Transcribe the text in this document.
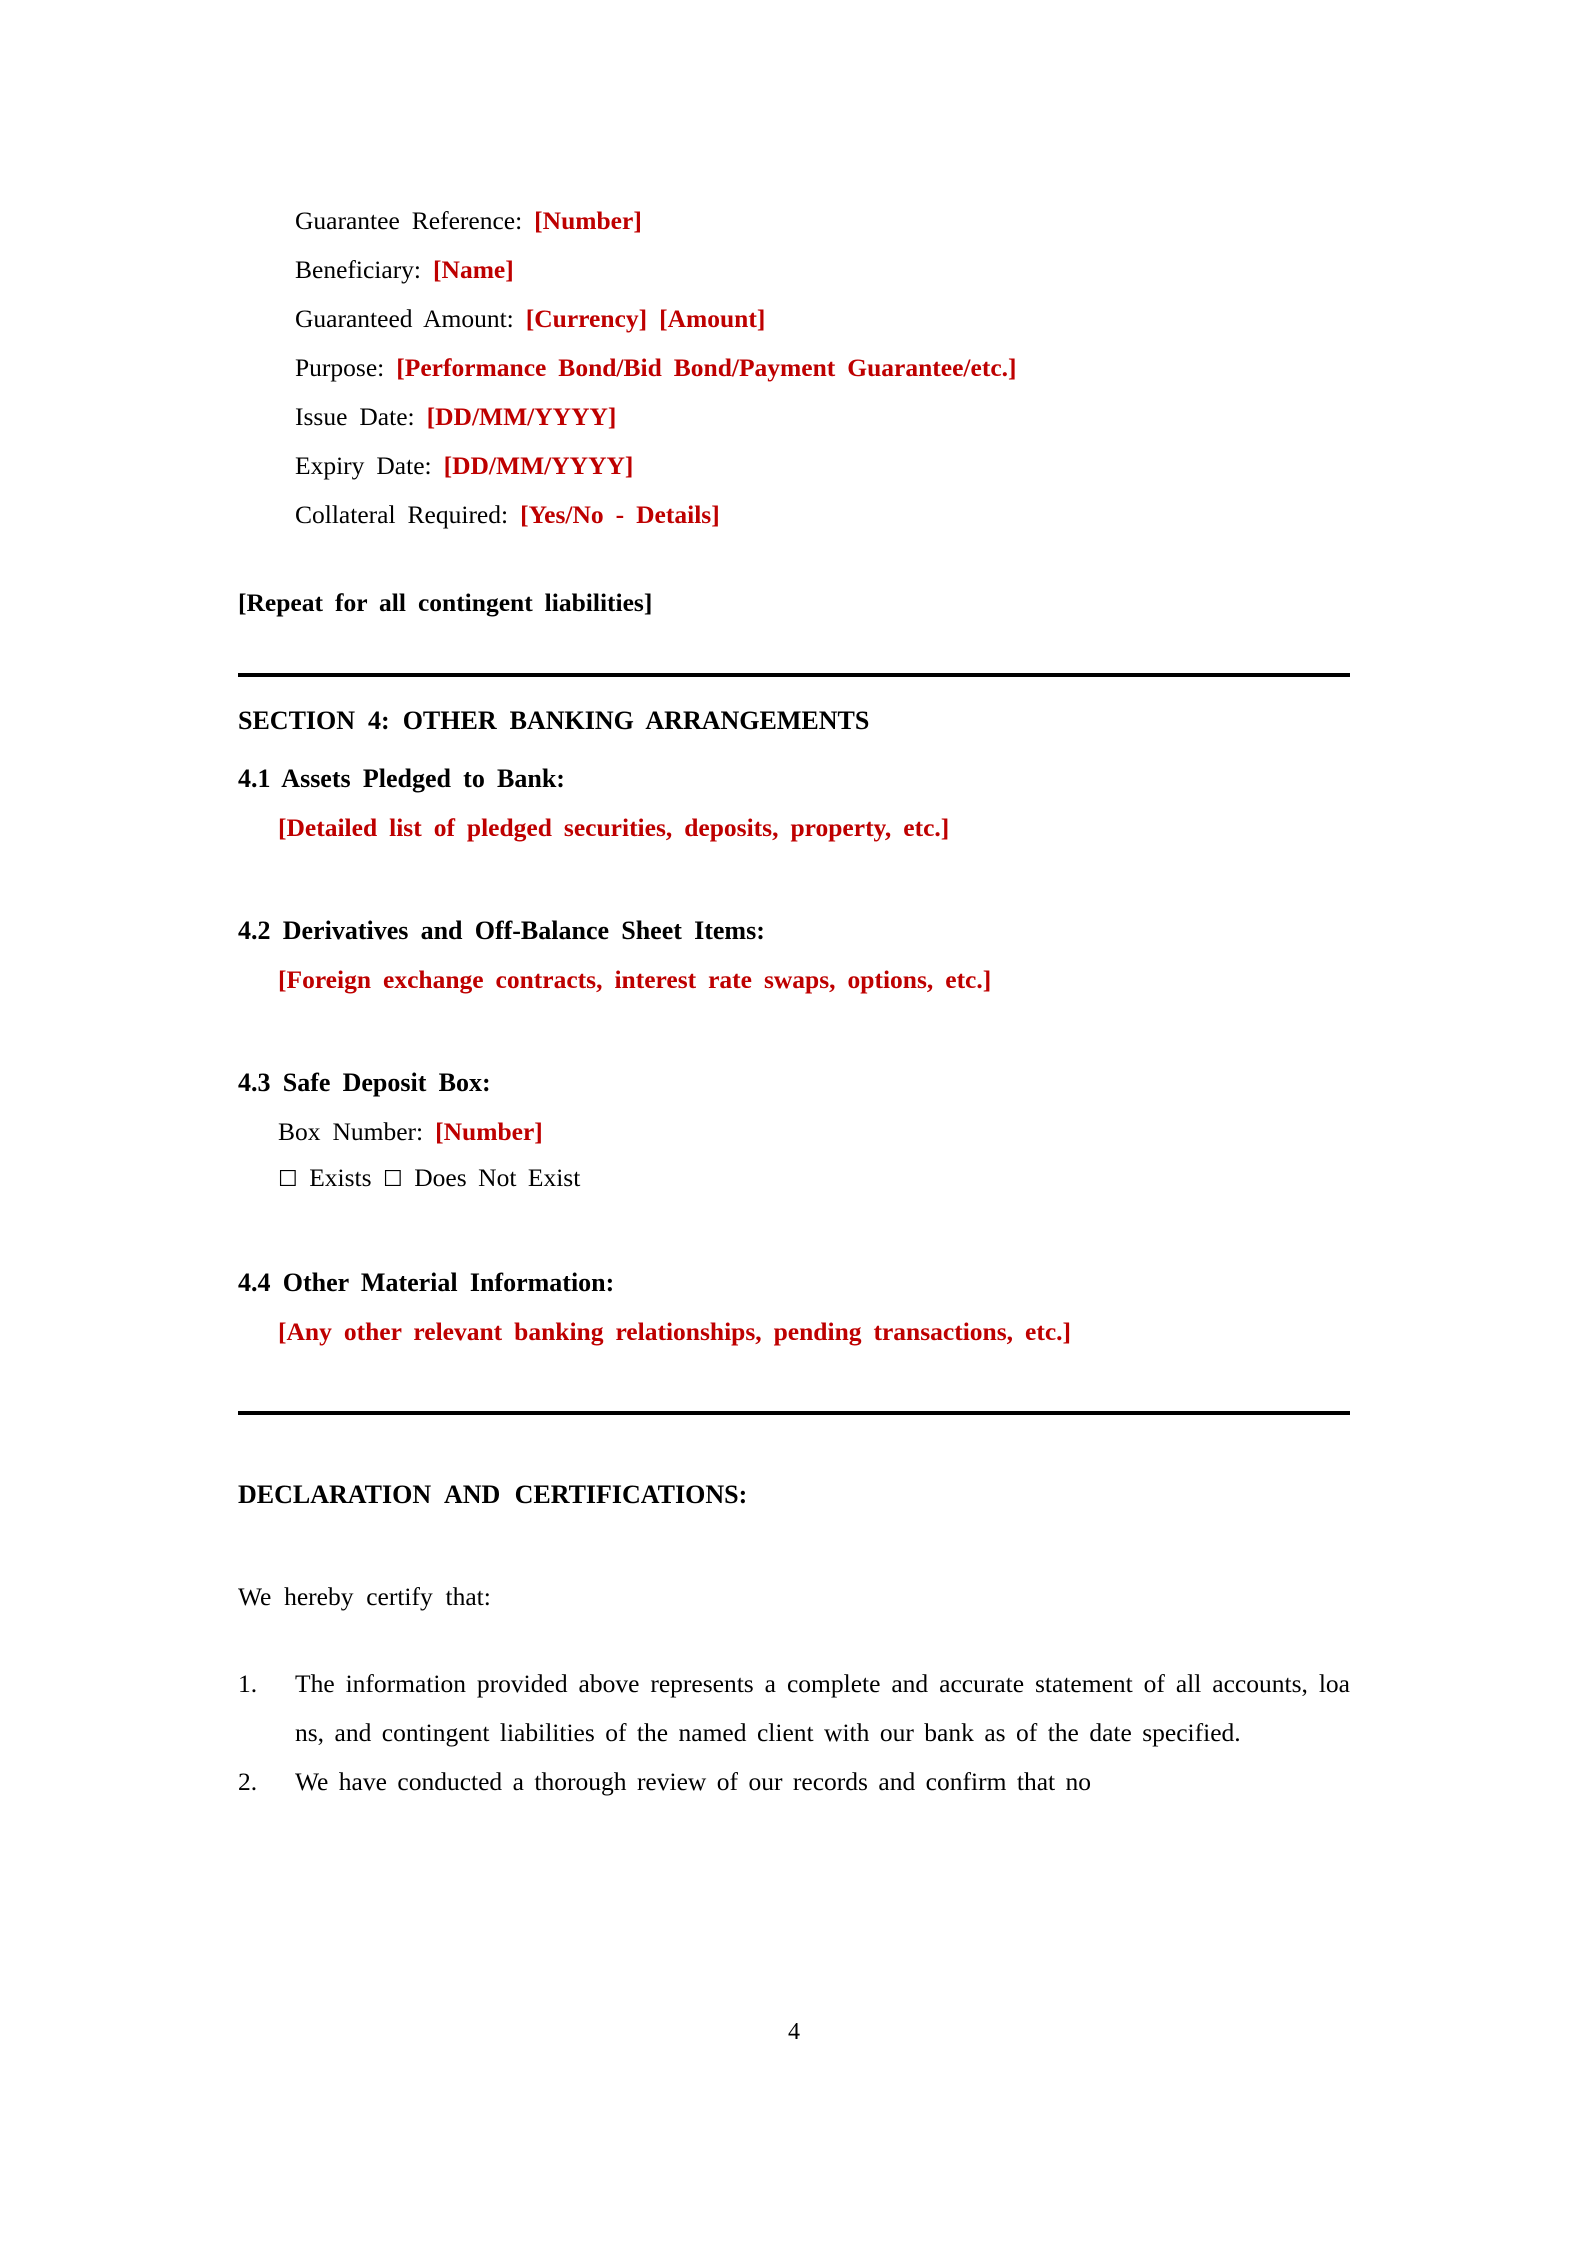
Guarantee Reference: [Number]
Beneficiary: [Name]
Guaranteed Amount: [Currency] [Amount]
Purpose: [Performance Bond/Bid Bond/Payment Guarantee/etc.]
Issue Date: [DD/MM/YYYY]
Expiry Date: [DD/MM/YYYY]
Collateral Required: [Yes/No - Details]
[Repeat for all contingent liabilities]
SECTION 4: OTHER BANKING ARRANGEMENTS
4.1 Assets Pledged to Bank:
[Detailed list of pledged securities, deposits, property, etc.]
4.2 Derivatives and Off-Balance Sheet Items:
[Foreign exchange contracts, interest rate swaps, options, etc.]
4.3 Safe Deposit Box:
Box Number: [Number]
☐ Exists ☐ Does Not Exist
4.4 Other Material Information:
[Any other relevant banking relationships, pending transactions, etc.]
DECLARATION AND CERTIFICATIONS:
We hereby certify that:
1. The information provided above represents a complete and accurate statement of all accounts, loans, and contingent liabilities of the named client with our bank as of the date specified.
2. We have conducted a thorough review of our records and confirm that no
4
